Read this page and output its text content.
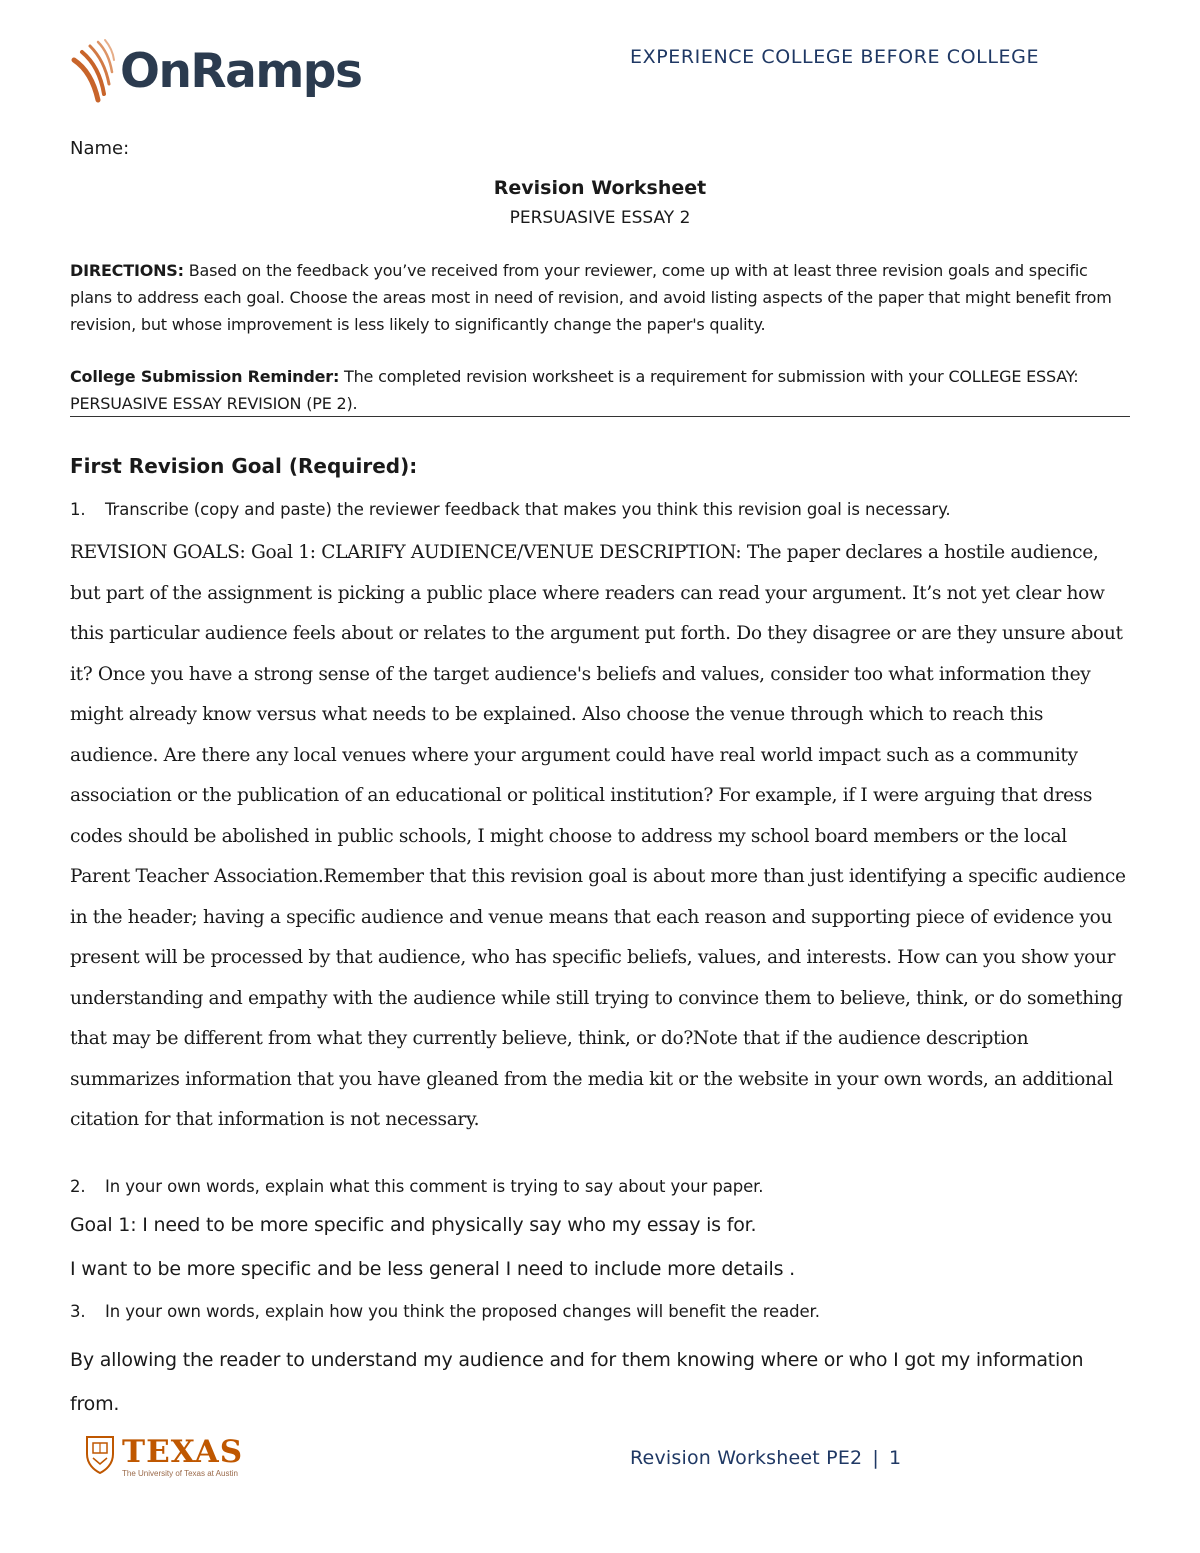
OnRamps	EXPERIENCE COLLEGE BEFORE COLLEGE
Name:
Revision Worksheet
PERSUASIVE ESSAY 2
DIRECTIONS: Based on the feedback you’ve received from your reviewer, come up with at least three revision goals and specific plans to address each goal. Choose the areas most in need of revision, and avoid listing aspects of the paper that might benefit from revision, but whose improvement is less likely to significantly change the paper's quality.
College Submission Reminder: The completed revision worksheet is a requirement for submission with your COLLEGE ESSAY: PERSUASIVE ESSAY REVISION (PE 2).
First Revision Goal (Required):
1. Transcribe (copy and paste) the reviewer feedback that makes you think this revision goal is necessary.
REVISION GOALS: Goal 1: CLARIFY AUDIENCE/VENUE DESCRIPTION: The paper declares a hostile audience, but part of the assignment is picking a public place where readers can read your argument. It’s not yet clear how this particular audience feels about or relates to the argument put forth. Do they disagree or are they unsure about it? Once you have a strong sense of the target audience's beliefs and values, consider too what information they might already know versus what needs to be explained. Also choose the venue through which to reach this audience. Are there any local venues where your argument could have real world impact such as a community association or the publication of an educational or political institution? For example, if I were arguing that dress codes should be abolished in public schools, I might choose to address my school board members or the local Parent Teacher Association.Remember that this revision goal is about more than just identifying a specific audience in the header; having a specific audience and venue means that each reason and supporting piece of evidence you present will be processed by that audience, who has specific beliefs, values, and interests. How can you show your understanding and empathy with the audience while still trying to convince them to believe, think, or do something that may be different from what they currently believe, think, or do?Note that if the audience description summarizes information that you have gleaned from the media kit or the website in your own words, an additional citation for that information is not necessary.
2. In your own words, explain what this comment is trying to say about your paper.
Goal 1: I need to be more specific and physically say who my essay is for.
I want to be more specific and be less general I need to include more details .
3. In your own words, explain how you think the proposed changes will benefit the reader.
By allowing the reader to understand my audience and for them knowing where or who I got my information from.
TEXAS
The University of Texas at Austin
Revision Worksheet PE2 | 1
